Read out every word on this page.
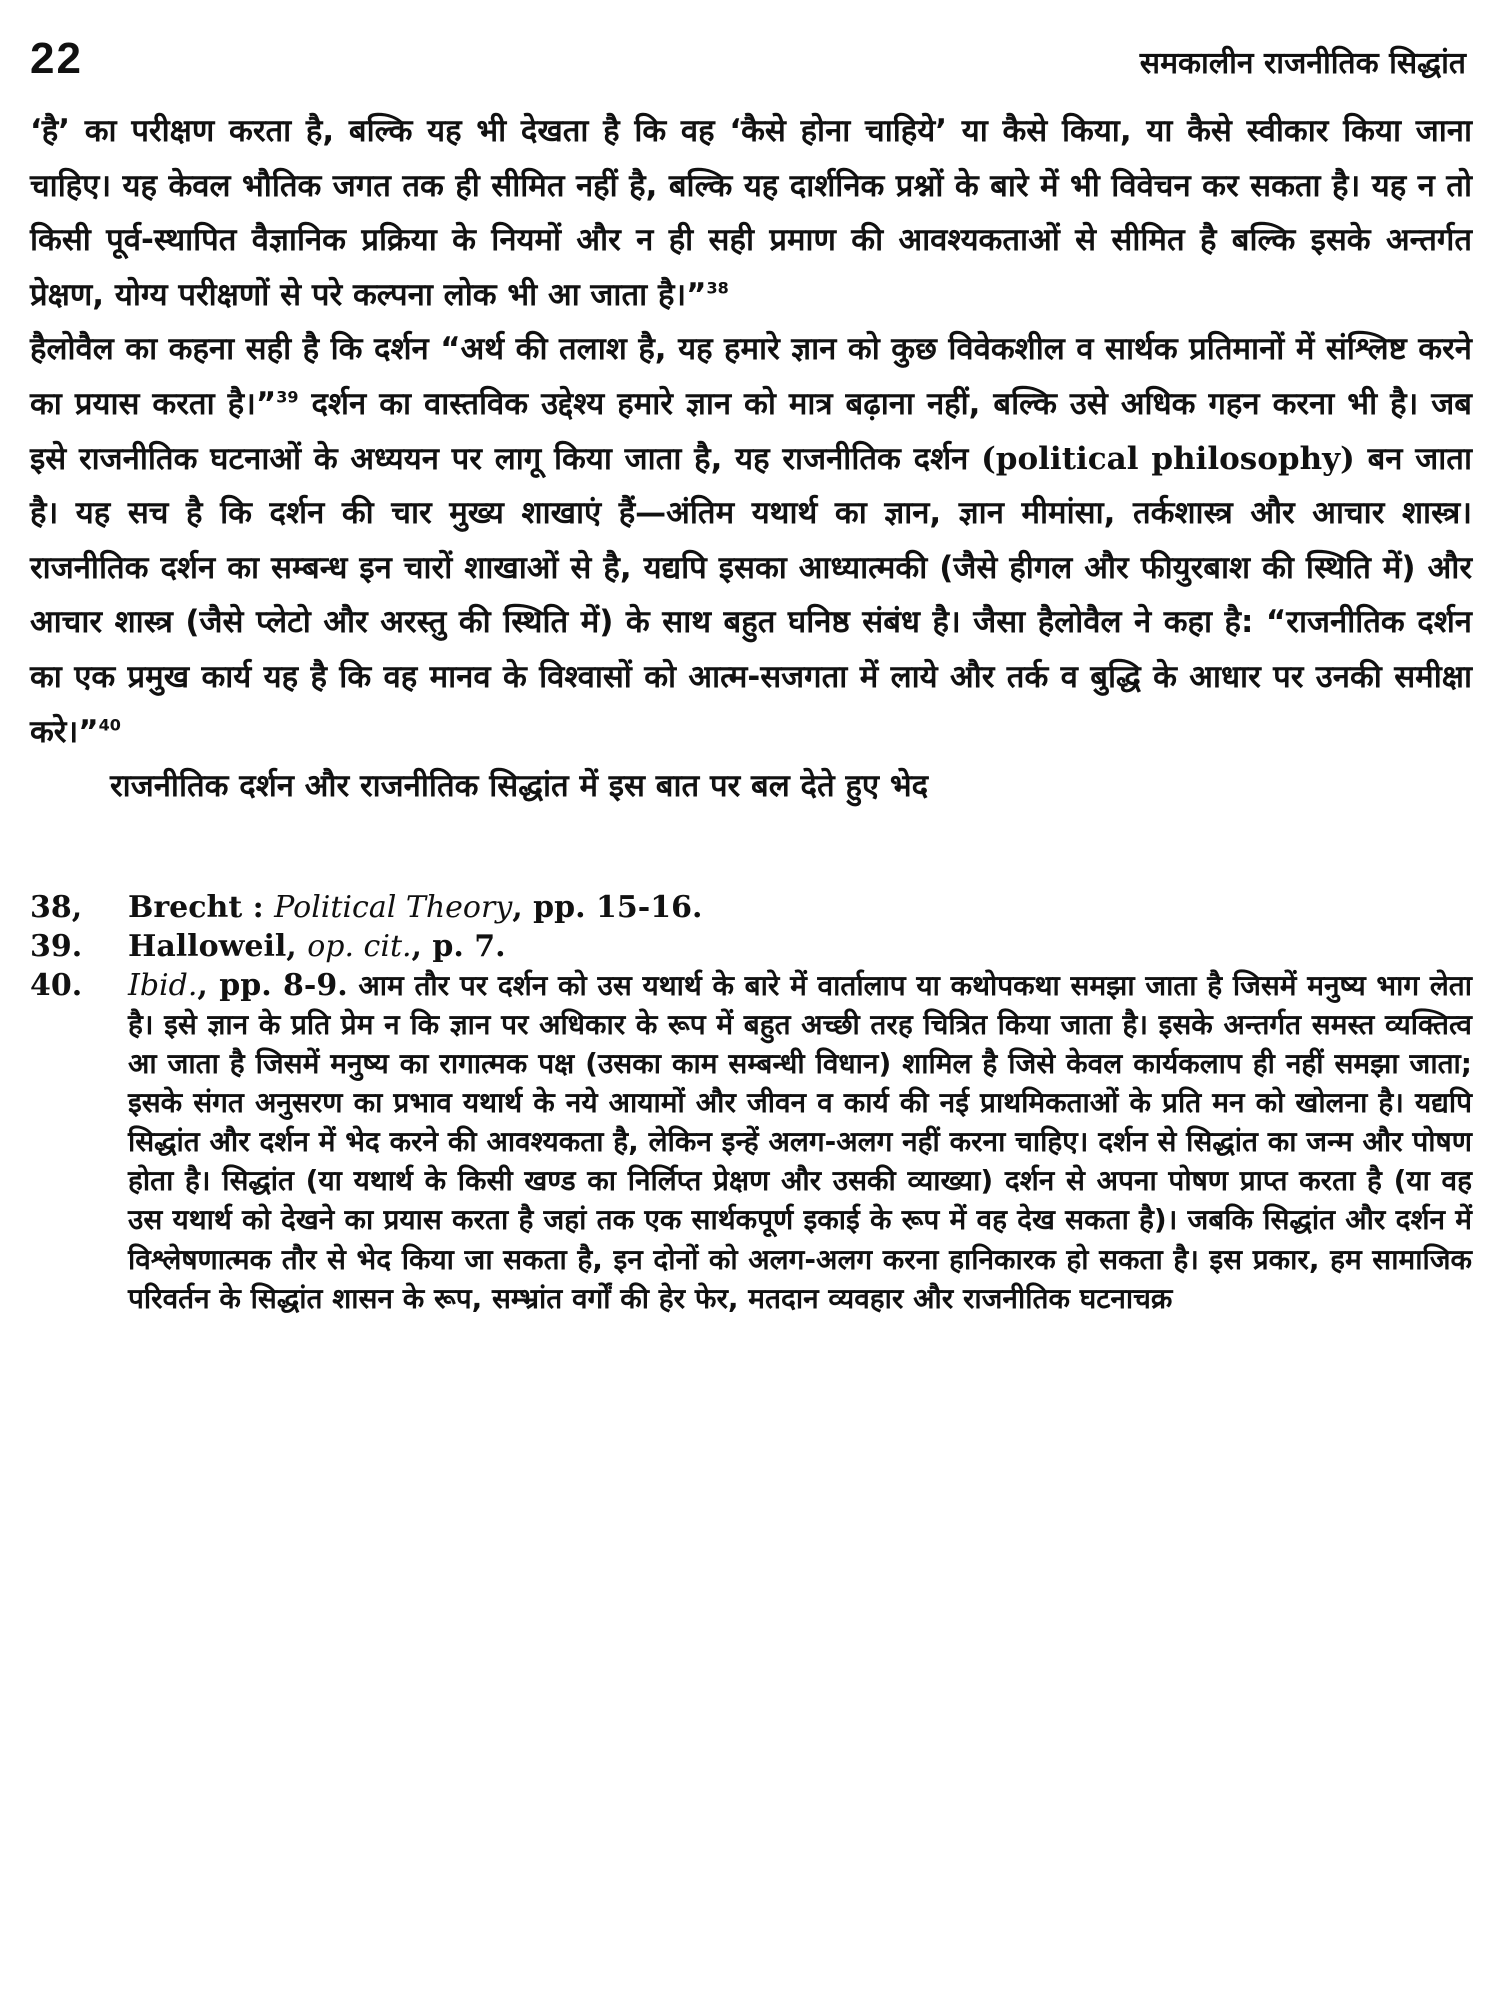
22	समकालीन राजनीतिक सिद्धांत

‘है’ का परीक्षण करता है, बल्कि यह भी देखता है कि वह ‘कैसे होना चाहिये’ या कैसे किया, या कैसे स्वीकार किया जाना चाहिए। यह केवल भौतिक जगत तक ही सीमित नहीं है, बल्कि यह दार्शनिक प्रश्नों के बारे में भी विवेचन कर सकता है। यह न तो किसी पूर्व-स्थापित वैज्ञानिक प्रक्रिया के नियमों और न ही सही प्रमाण की आवश्यकताओं से सीमित है बल्कि इसके अन्तर्गत प्रेक्षण, योग्य परीक्षणों से परे कल्पना लोक भी आ जाता है।”$^{38}$

हैलोवैल का कहना सही है कि दर्शन “अर्थ की तलाश है, यह हमारे ज्ञान को कुछ विवेकशील व सार्थक प्रतिमानों में संश्लिष्ट करने का प्रयास करता है।”$^{39}$ दर्शन का वास्तविक उद्देश्य हमारे ज्ञान को मात्र बढ़ाना नहीं, बल्कि उसे अधिक गहन करना भी है। जब इसे राजनीतिक घटनाओं के अध्ययन पर लागू किया जाता है, यह राजनीतिक दर्शन (political philosophy) बन जाता है। यह सच है कि दर्शन की चार मुख्य शाखाएं हैं—अंतिम यथार्थ का ज्ञान, ज्ञान मीमांसा, तर्कशास्त्र और आचार शास्त्र। राजनीतिक दर्शन का सम्बन्ध इन चारों शाखाओं से है, यद्यपि इसका आध्यात्मकी (जैसे हीगल और फीयुरबाश की स्थिति में) और आचार शास्त्र (जैसे प्लेटो और अरस्तु की स्थिति में) के साथ बहुत घनिष्ठ संबंध है। जैसा हैलोवैल ने कहा है: “राजनीतिक दर्शन का एक प्रमुख कार्य यह है कि वह मानव के विश्वासों को आत्म-सजगता में लाये और तर्क व बुद्धि के आधार पर उनकी समीक्षा करे।”$^{40}$

राजनीतिक दर्शन और राजनीतिक सिद्धांत में इस बात पर बल देते हुए भेद

38,	Brecht : Political Theory, pp. 15-16.
39.	Halloweil, op. cit., p. 7.
40.	Ibid., pp. 8-9. आम तौर पर दर्शन को उस यथार्थ के बारे में वार्तालाप या कथोपकथा समझा जाता है जिसमें मनुष्य भाग लेता है। इसे ज्ञान के प्रति प्रेम न कि ज्ञान पर अधिकार के रूप में बहुत अच्छी तरह चित्रित किया जाता है। इसके अन्तर्गत समस्त व्यक्तित्व आ जाता है जिसमें मनुष्य का रागात्मक पक्ष (उसका काम सम्बन्धी विधान) शामिल है जिसे केवल कार्यकलाप ही नहीं समझा जाता; इसके संगत अनुसरण का प्रभाव यथार्थ के नये आयामों और जीवन व कार्य की नई प्राथमिकताओं के प्रति मन को खोलना है। यद्यपि सिद्धांत और दर्शन में भेद करने की आवश्यकता है, लेकिन इन्हें अलग-अलग नहीं करना चाहिए। दर्शन से सिद्धांत का जन्म और पोषण होता है। सिद्धांत (या यथार्थ के किसी खण्ड का निर्लिप्त प्रेक्षण और उसकी व्याख्या) दर्शन से अपना पोषण प्राप्त करता है (या वह उस यथार्थ को देखने का प्रयास करता है जहां तक एक सार्थकपूर्ण इकाई के रूप में वह देख सकता है)। जबकि सिद्धांत और दर्शन में विश्लेषणात्मक तौर से भेद किया जा सकता है, इन दोनों को अलग-अलग करना हानिकारक हो सकता है। इस प्रकार, हम सामाजिक परिवर्तन के सिद्धांत शासन के रूप, सम्भ्रांत वर्गों की हेर फेर, मतदान व्यवहार और राजनीतिक घटनाचक्र
